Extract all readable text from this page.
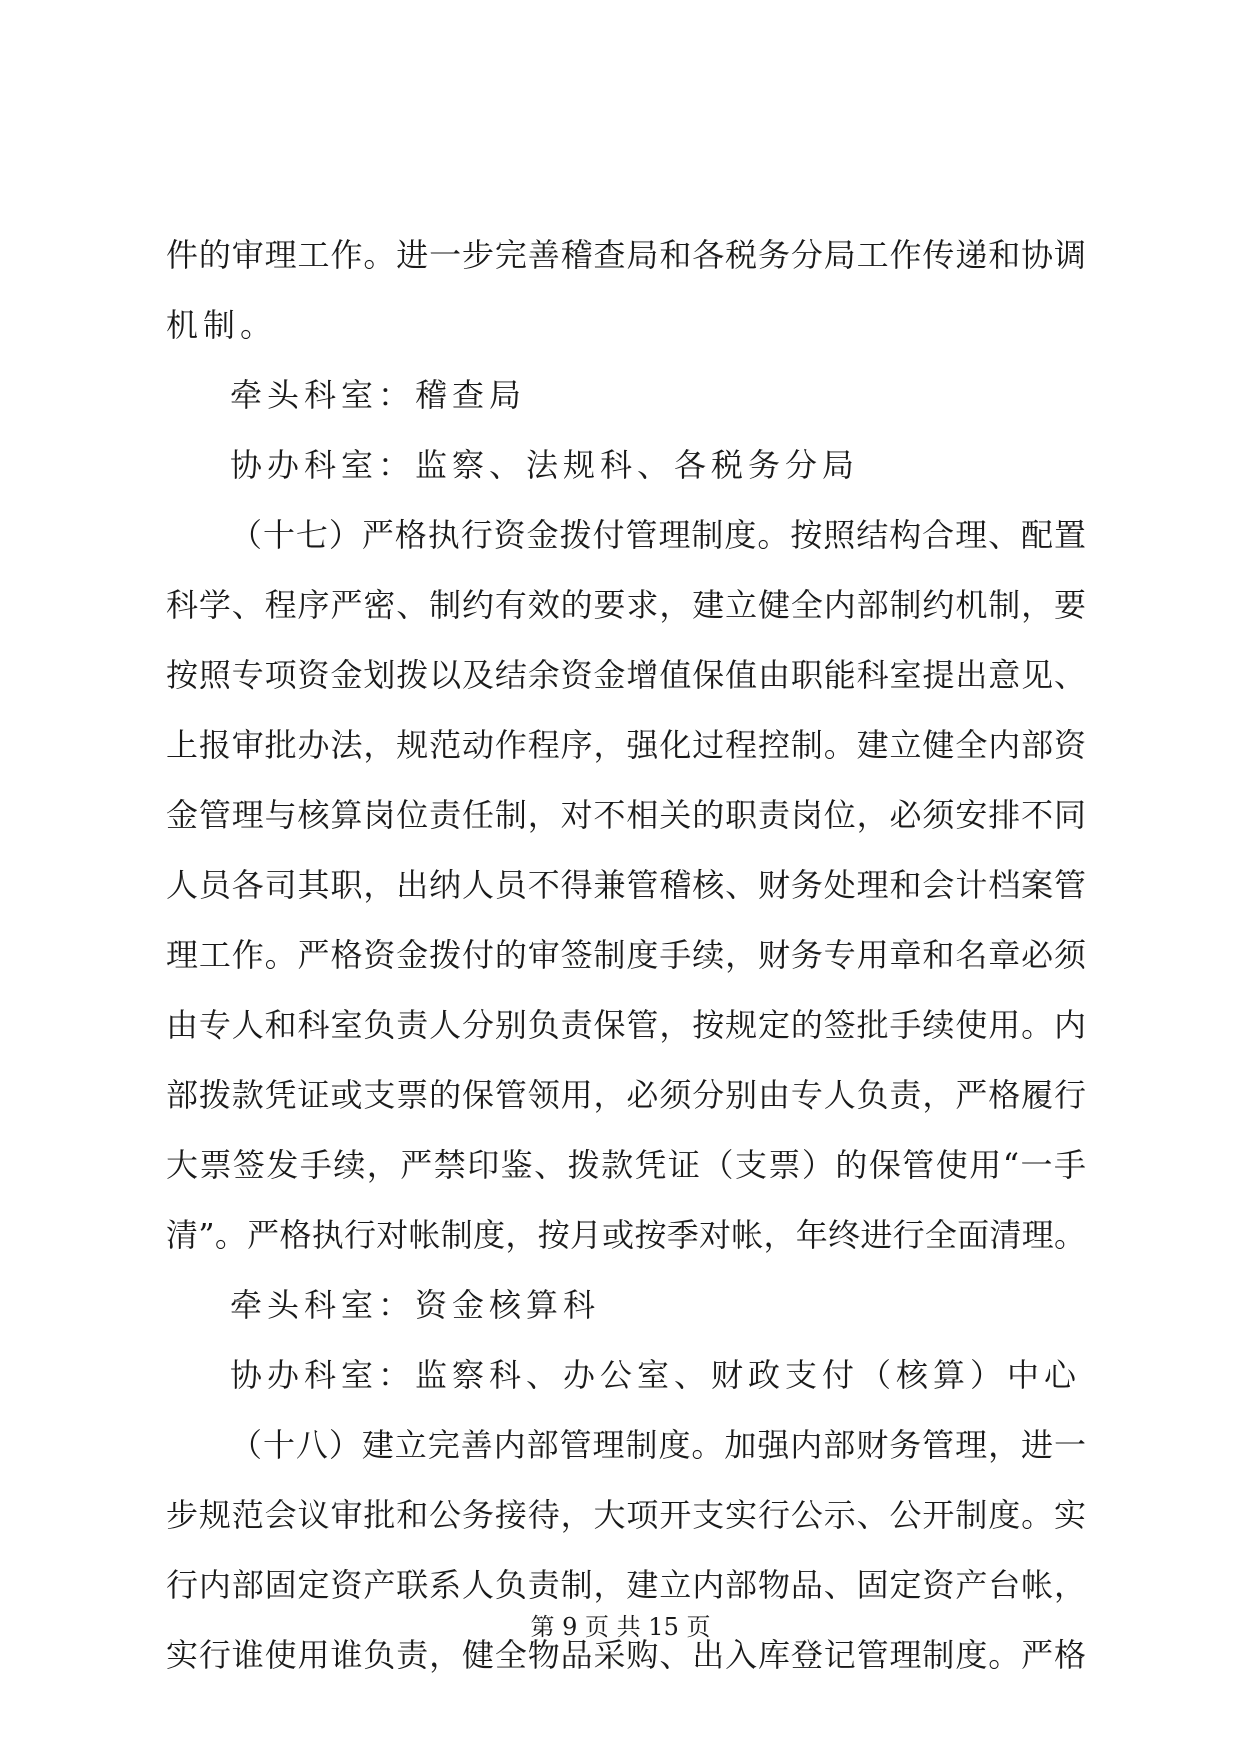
件的审理工作。进一步完善稽查局和各税务分局工作传递和协调
机制。
牵头科室：稽查局
协办科室：监察、法规科、各税务分局
（十七）严格执行资金拨付管理制度。按照结构合理、配置
科学、程序严密、制约有效的要求，建立健全内部制约机制，要
按照专项资金划拨以及结余资金增值保值由职能科室提出意见、
上报审批办法，规范动作程序，强化过程控制。建立健全内部资
金管理与核算岗位责任制，对不相关的职责岗位，必须安排不同
人员各司其职，出纳人员不得兼管稽核、财务处理和会计档案管
理工作。严格资金拨付的审签制度手续，财务专用章和名章必须
由专人和科室负责人分别负责保管，按规定的签批手续使用。内
部拨款凭证或支票的保管领用，必须分别由专人负责，严格履行
大票签发手续，严禁印鉴、拨款凭证（支票）的保管使用“一手
清”。严格执行对帐制度，按月或按季对帐，年终进行全面清理。
牵头科室：资金核算科
协办科室：监察科、办公室、财政支付（核算）中心
（十八）建立完善内部管理制度。加强内部财务管理，进一
步规范会议审批和公务接待，大项开支实行公示、公开制度。实
行内部固定资产联系人负责制，建立内部物品、固定资产台帐，
实行谁使用谁负责，健全物品采购、出入库登记管理制度。严格
第 9 页 共 15 页
